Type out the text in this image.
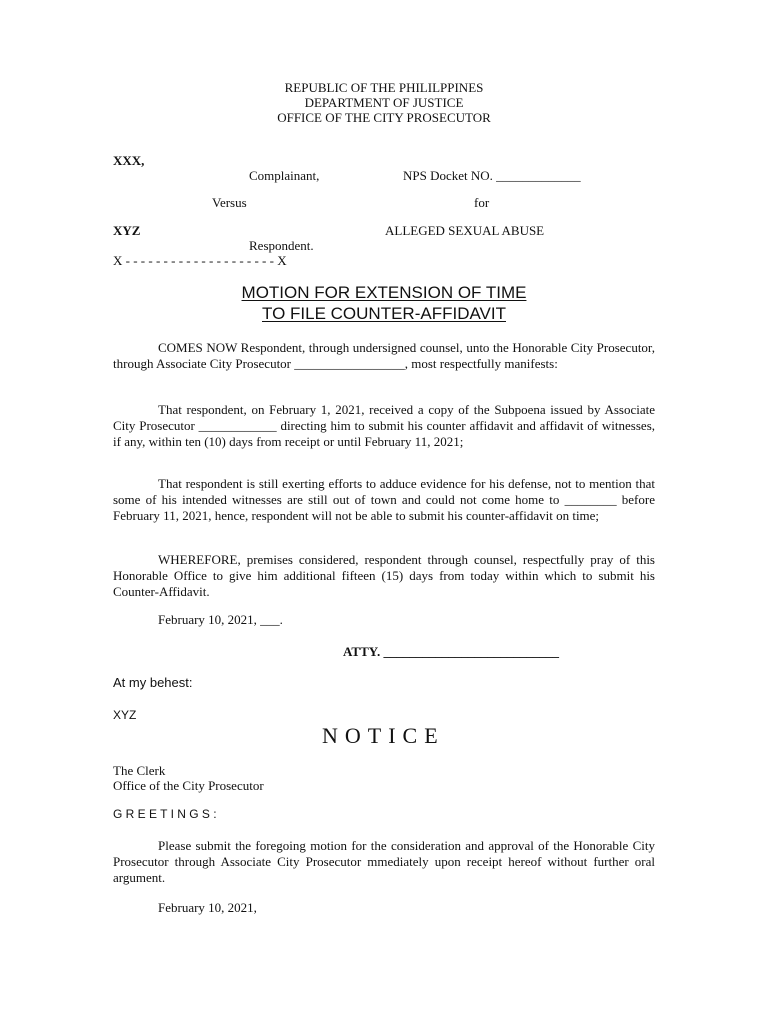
REPUBLIC OF THE PHILILPPINES
DEPARTMENT OF JUSTICE
OFFICE OF THE CITY PROSECUTOR
XXX,
Complainant,	NPS Docket NO. _____________
Versus	for
XYZ	ALLEGED SEXUAL ABUSE
Respondent.
X - - - - - - - - - - - - - - - - - - - - X
MOTION FOR EXTENSION OF TIME
TO FILE COUNTER-AFFIDAVIT
COMES NOW Respondent, through undersigned counsel, unto the Honorable City Prosecutor, through Associate City Prosecutor _________________, most respectfully manifests:
That respondent, on February 1, 2021, received a copy of the Subpoena issued by Associate City Prosecutor ____________ directing him to submit his counter affidavit and affidavit of witnesses, if any, within ten (10) days from receipt or until February 11, 2021;
That respondent is still exerting efforts to adduce evidence for his defense, not to mention that some of his intended witnesses are still out of town and could not come home to ________ before February 11, 2021, hence, respondent will not be able to submit his counter-affidavit on time;
WHEREFORE, premises considered, respondent through counsel, respectfully pray of this Honorable Office to give him additional fifteen (15) days from today within which to submit his Counter-Affidavit.
February 10, 2021, ___.
ATTY. ___________________________
At my behest:
XYZ
NOTICE
The Clerk
Office of the City Prosecutor
G R E E T I N G S :
Please submit the foregoing motion for the consideration and approval of the Honorable City Prosecutor through Associate City Prosecutor mmediately upon receipt hereof without further oral argument.
February 10, 2021,
